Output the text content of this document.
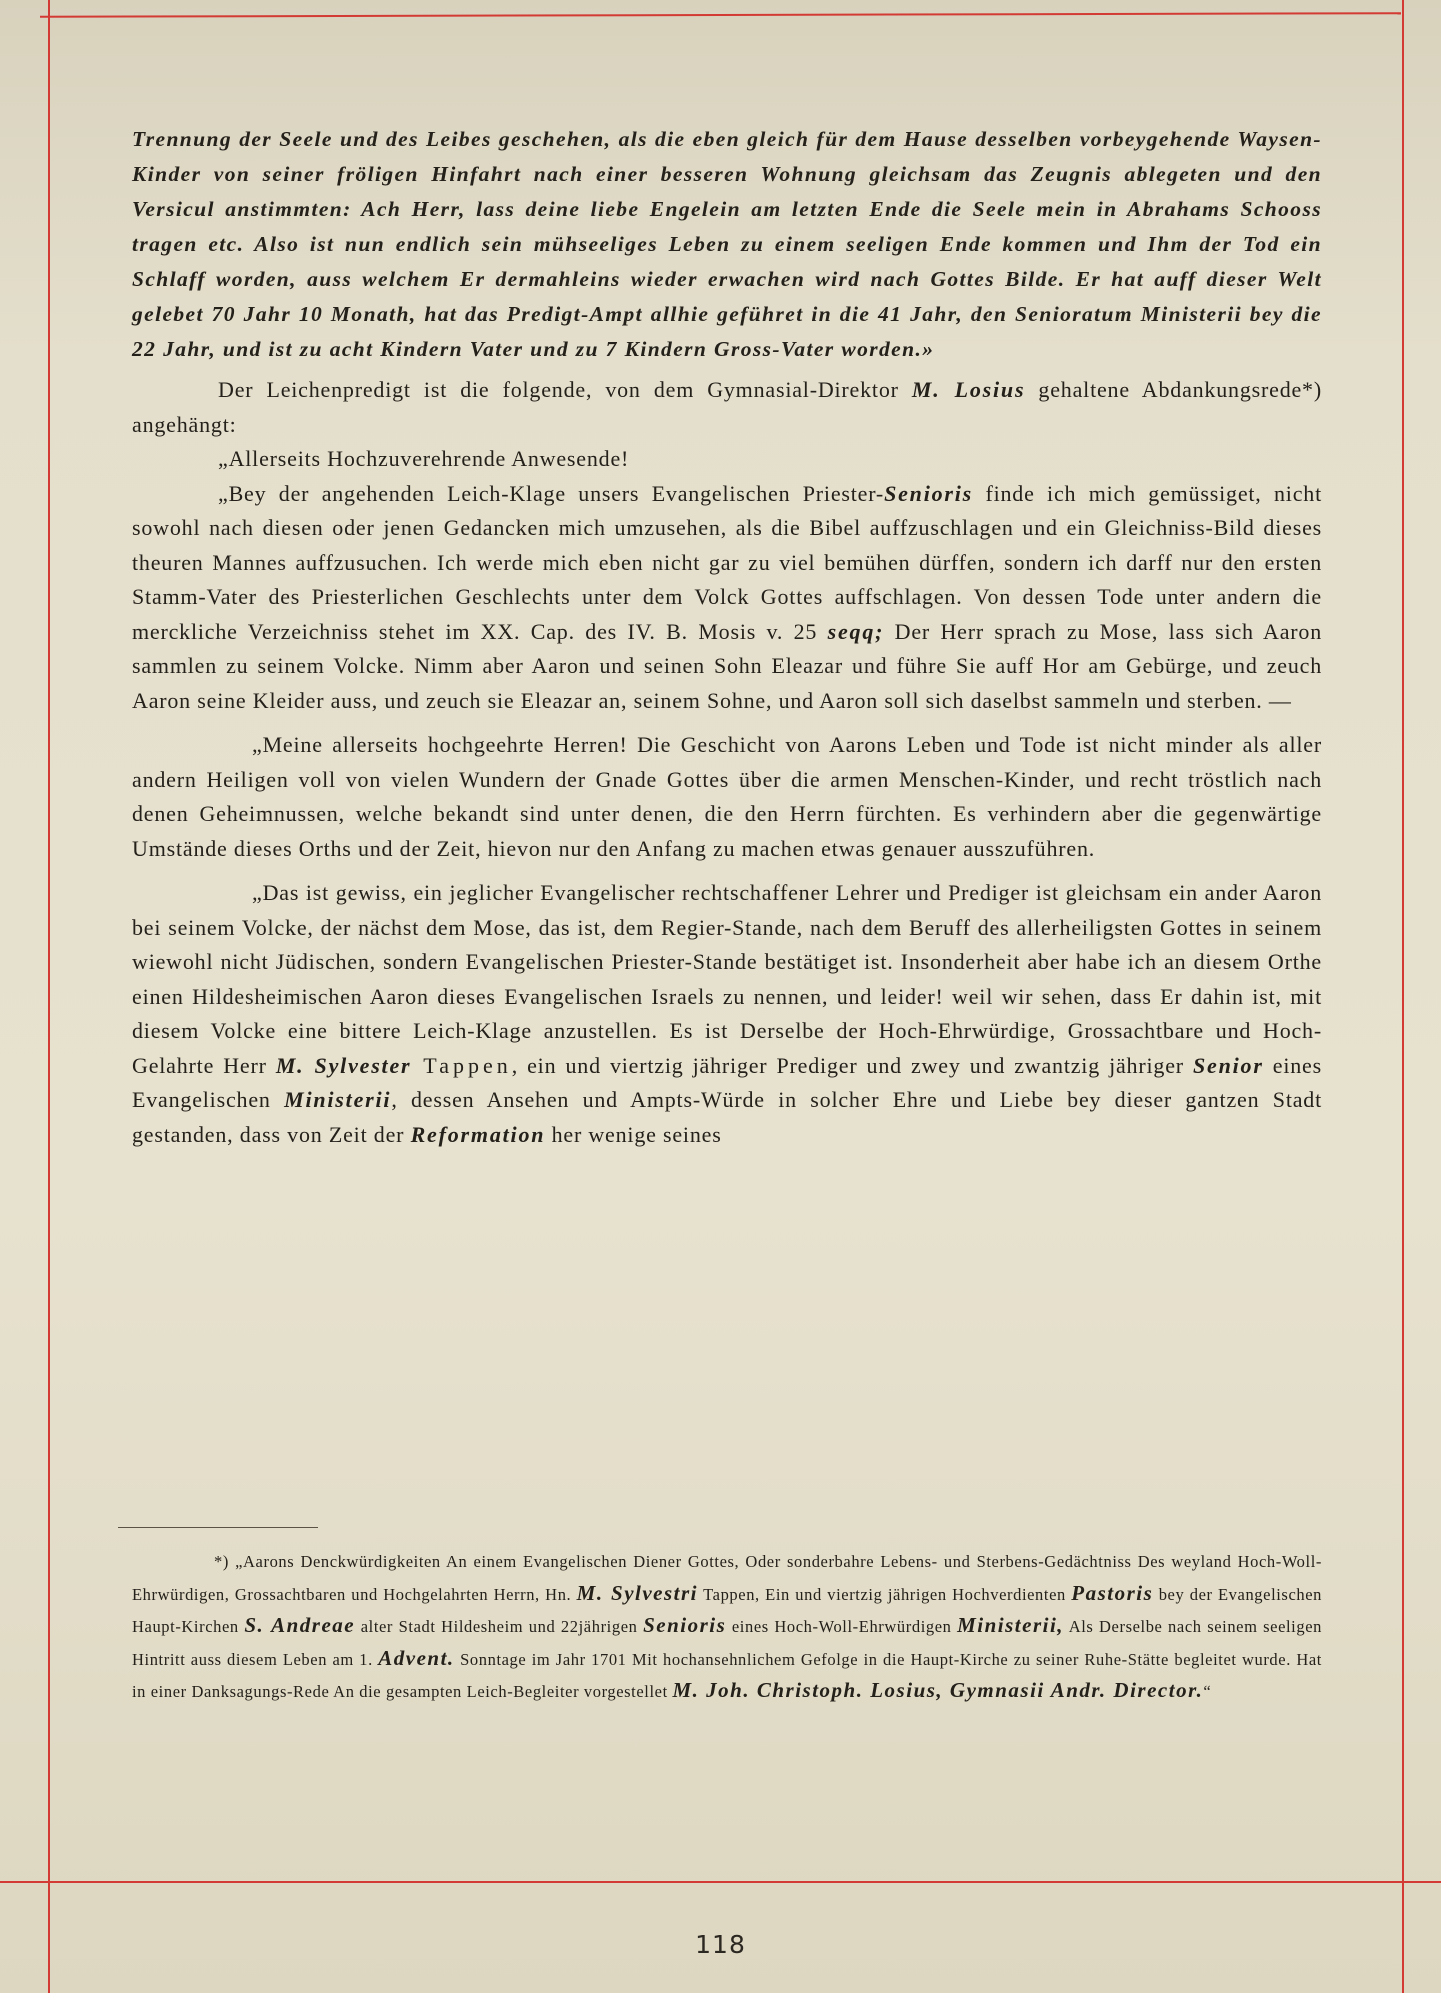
Trennung der Seele und des Leibes geschehen, als die eben gleich für dem Hause desselben vorbeygehende Waysen-Kinder von seiner fröligen Hinfahrt nach einer besseren Wohnung gleichsam das Zeugnis ablegeten und den Versicul anstimmten: Ach Herr, lass deine liebe Engelein am letzten Ende die Seele mein in Abrahams Schooss tragen etc. Also ist nun endlich sein mühseeliges Leben zu einem seeligen Ende kommen und Ihm der Tod ein Schlaff worden, auss welchem Er dermahleins wieder erwachen wird nach Gottes Bilde. Er hat auff dieser Welt gelebet 70 Jahr 10 Monath, hat das Predigt-Ampt allhie geführet in die 41 Jahr, den Senioratum Ministerii bey die 22 Jahr, und ist zu acht Kindern Vater und zu 7 Kindern Gross-Vater worden.»

Der Leichenpredigt ist die folgende, von dem Gymnasial-Direktor M. Losius gehaltene Abdankungsrede*) angehängt:

„Allerseits Hochzuverehrende Anwesende!

„Bey der angehenden Leich-Klage unsers Evangelischen Priester-Senioris finde ich mich gemüssiget, nicht sowohl nach diesen oder jenen Gedancken mich umzusehen, als die Bibel auffzuschlagen und ein Gleichniss-Bild dieses theuren Mannes auffzusuchen. Ich werde mich eben nicht gar zu viel bemühen dürffen, sondern ich darff nur den ersten Stamm-Vater des Priesterlichen Geschlechts unter dem Volck Gottes auffschlagen. Von dessen Tode unter andern die merckliche Verzeichniss stehet im XX. Cap. des IV. B. Mosis v. 25 seqq; Der Herr sprach zu Mose, lass sich Aaron sammlen zu seinem Volcke. Nimm aber Aaron und seinen Sohn Eleazar und führe Sie auff Hor am Gebürge, und zeuch Aaron seine Kleider auss, und zeuch sie Eleazar an, seinem Sohne, und Aaron soll sich daselbst sammeln und sterben. —

„Meine allerseits hochgeehrte Herren! Die Geschicht von Aarons Leben und Tode ist nicht minder als aller andern Heiligen voll von vielen Wundern der Gnade Gottes über die armen Menschen-Kinder, und recht tröstlich nach denen Geheimnussen, welche bekandt sind unter denen, die den Herrn fürchten. Es verhindern aber die gegenwärtige Umstände dieses Orths und der Zeit, hievon nur den Anfang zu machen etwas genauer ausszuführen.

„Das ist gewiss, ein jeglicher Evangelischer rechtschaffener Lehrer und Prediger ist gleichsam ein ander Aaron bei seinem Volcke, der nächst dem Mose, das ist, dem Regier-Stande, nach dem Beruff des allerheiligsten Gottes in seinem wiewohl nicht Jüdischen, sondern Evangelischen Priester-Stande bestätiget ist. Insonderheit aber habe ich an diesem Orthe einen Hildesheimischen Aaron dieses Evangelischen Israels zu nennen, und leider! weil wir sehen, dass Er dahin ist, mit diesem Volcke eine bittere Leich-Klage anzustellen. Es ist Derselbe der Hoch-Ehrwürdige, Grossachtbare und Hoch-Gelahrte Herr M. Sylvester Tappen, ein und viertzig jähriger Prediger und zwey und zwantzig jähriger Senior eines Evangelischen Ministerii, dessen Ansehen und Ampts-Würde in solcher Ehre und Liebe bey dieser gantzen Stadt gestanden, dass von Zeit der Reformation her wenige seines

*) „Aarons Denckwürdigkeiten An einem Evangelischen Diener Gottes, Oder sonderbahre Lebens- und Sterbens-Gedächtniss Des weyland Hoch-Woll-Ehrwürdigen, Grossachtbaren und Hochgelahrten Herrn, Hn. M. Sylvestri Tappen, Ein und viertzig jährigen Hochverdienten Pastoris bey der Evangelischen Haupt-Kirchen S. Andreae alter Stadt Hildesheim und 22jährigen Senioris eines Hoch-Woll-Ehrwürdigen Ministerii, Als Derselbe nach seinem seeligen Hintritt auss diesem Leben am 1. Advent. Sonntage im Jahr 1701 Mit hochansehnlichem Gefolge in die Haupt-Kirche zu seiner Ruhe-Stätte begleitet wurde. Hat in einer Danksagungs-Rede An die gesampten Leich-Begleiter vorgestellet M. Joh. Christoph. Losius, Gymnasii Andr. Director.“

118
